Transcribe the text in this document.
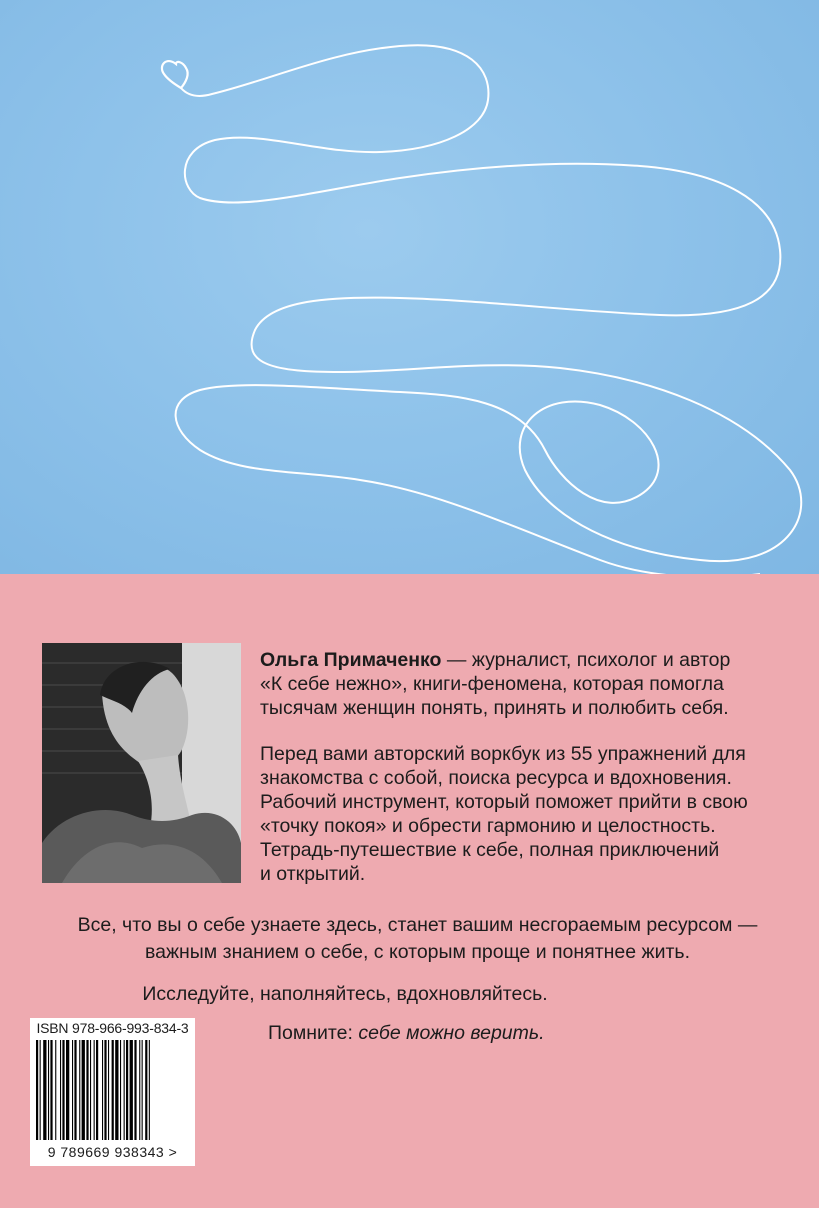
Ольга Примаченко — журналист, психолог и автор
«К себе нежно», книги-феномена, которая помогла
тысячам женщин понять, принять и полюбить себя.

Перед вами авторский воркбук из 55 упражнений для
знакомства с собой, поиска ресурса и вдохновения.
Рабочий инструмент, который поможет прийти в свою
«точку покоя» и обрести гармонию и целостность.
Тетрадь-путешествие к себе, полная приключений
и открытий.

Все, что вы о себе узнаете здесь, станет вашим несгораемым ресурсом —
важным знанием о себе, с которым проще и понятнее жить.

Исследуйте, наполняйтесь, вдохновляйтесь.

Помните: себе можно верить.

ISBN 978-966-993-834-3
9 789669 938343 >
